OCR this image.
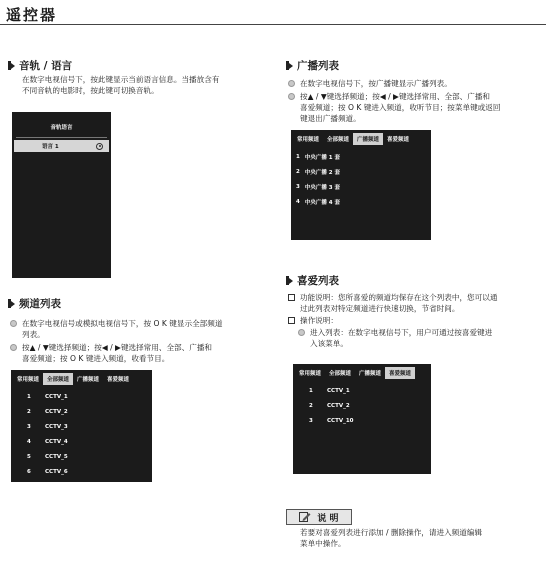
遥控器
音轨 / 语言
在数字电视信号下，按此键显示当前语言信息。当播放含有
不同音轨的电影时，按此键可切换音轨。
音轨语言
语言 1
频道列表
在数字电视信号或模拟电视信号下，按 O K 键显示全部频道
列表。
按▲ / ▼键选择频道；按◀ / ▶键选择常用、全部、广播和
喜爱频道；按 O K 键进入频道，收看节目。
常用频道	全部频道	广播频道	喜爱频道
1	CCTV_1
2	CCTV_2
3	CCTV_3
4	CCTV_4
5	CCTV_5
6	CCTV_6
广播列表
在数字电视信号下，按广播键显示广播列表。
按▲ / ▼键选择频道；按◀ / ▶键选择常用、全部、广播和
喜爱频道；按 O K 键进入频道，收听节目；按菜单键或返回
键退出广播频道。
常用频道	全部频道	广播频道	喜爱频道
1 中央广播 1 套
2 中央广播 2 套
3 中央广播 3 套
4 中央广播 4 套
喜爱列表
功能说明：您所喜爱的频道均保存在这个列表中，您可以通
过此列表对特定频道进行快速切换，节省时间。
操作说明：
进入列表：在数字电视信号下，用户可通过按喜爱键进
入该菜单。
常用频道	全部频道	广播频道	喜爱频道
1	CCTV_1
2	CCTV_2
3	CCTV_10
说 明
若要对喜爱列表进行添加 / 删除操作，请进入频道编辑
菜单中操作。
